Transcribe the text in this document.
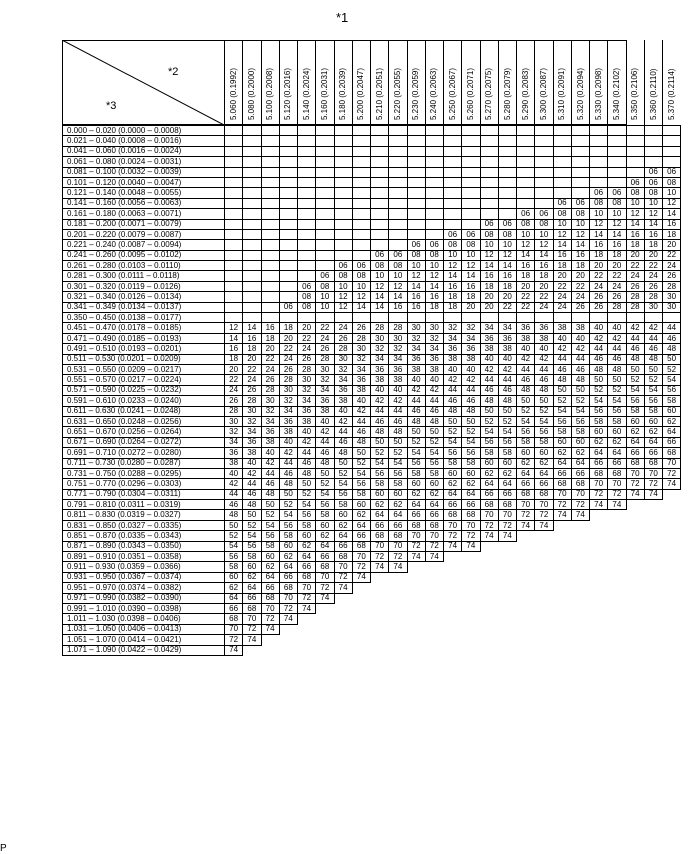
*1
*2
*3	5.060 (0.1992) 5.080 (0.2000) 5.100 (0.2008) 5.120 (0.2016) 5.140 (0.2024) 5.160 (0.2031) 5.180 (0.2039) 5.200 (0.2047) 5.210 (0.2051) 5.220 (0.2055) 5.230 (0.2059) 5.240 (0.2063) 5.250 (0.2067) 5.260 (0.2071) 5.270 (0.2075) 5.280 (0.2079) 5.290 (0.2083) 5.300 (0.2087) 5.310 (0.2091) 5.320 (0.2094) 5.330 (0.2098) 5.340 (0.2102) 5.350 (0.2106) 5.360 (0.2110) 5.370 (0.2114)
0.000 – 0.020 (0.0000 – 0.0008)																									
0.021 – 0.040 (0.0008 – 0.0016)																									
0.041 – 0.060 (0.0016 – 0.0024)																									
0.061 – 0.080 (0.0024 – 0.0031)																									
0.081 – 0.100 (0.0032 – 0.0039)																								06	06
0.101 – 0.120 (0.0040 – 0.0047)																							06	06	08
0.121 – 0.140 (0.0048 – 0.0055)																					06	06	08	08	10
0.141 – 0.160 (0.0056 – 0.0063)																			06	06	08	08	10	10	12
0.161 – 0.180 (0.0063 – 0.0071)																	06	06	08	08	10	10	12	12	14
0.181 – 0.200 (0.0071 – 0.0079)															06	06	08	08	10	10	12	12	14	14	16
0.201 – 0.220 (0.0079 – 0.0087)													06	06	08	08	10	10	12	12	14	14	16	16	18
0.221 – 0.240 (0.0087 – 0.0094)											06	06	08	08	10	10	12	12	14	14	16	16	18	18	20
0.241 – 0.260 (0.0095 – 0.0102)									06	06	08	08	10	10	12	12	14	14	16	16	18	18	20	20	22
0.261 – 0.280 (0.0103 – 0.0110)							06	06	08	08	10	10	12	12	14	14	16	16	18	18	20	20	22	22	24
0.281 – 0.300 (0.0111 – 0.0118)						06	08	08	10	10	12	12	14	14	16	16	18	18	20	20	22	22	24	24	26
0.301 – 0.320 (0.0119 – 0.0126)					06	08	10	10	12	12	14	14	16	16	18	18	20	20	22	22	24	24	26	26	28
0.321 – 0.340 (0.0126 – 0.0134)					08	10	12	12	14	14	16	16	18	18	20	20	22	22	24	24	26	26	28	28	30
0.341 – 0.349 (0.0134 – 0.0137)				06	08	10	12	14	14	16	16	18	18	20	20	22	22	24	24	26	26	28	28	30	30
0.350 – 0.450 (0.0138 – 0.0177)																									
0.451 – 0.470 (0.0178 – 0.0185)	12	14	16	18	20	22	24	26	28	28	30	30	32	32	34	34	36	36	38	38	40	40	42	42	44
0.471 – 0.490 (0.0185 – 0.0193)	14	16	18	20	22	24	26	28	30	30	32	32	34	34	36	36	38	38	40	40	42	42	44	44	46
0.491 – 0.510 (0.0193 – 0.0201)	16	18	20	22	24	26	28	30	32	32	34	34	36	36	38	38	40	40	42	42	44	44	46	46	48
0.511 – 0.530 (0.0201 – 0.0209)	18	20	22	24	26	28	30	32	34	34	36	36	38	38	40	40	42	42	44	44	46	46	48	48	50
0.531 – 0.550 (0.0209 – 0.0217)	20	22	24	26	28	30	32	34	36	36	38	38	40	40	42	42	44	44	46	46	48	48	50	50	52
0.551 – 0.570 (0.0217 – 0.0224)	22	24	26	28	30	32	34	36	38	38	40	40	42	42	44	44	46	46	48	48	50	50	52	52	54
0.571 – 0.590 (0.0225 – 0.0232)	24	26	28	30	32	34	36	38	40	40	42	42	44	44	46	46	48	48	50	50	52	52	54	54	56
0.591 – 0.610 (0.0233 – 0.0240)	26	28	30	32	34	36	38	40	42	42	44	44	46	46	48	48	50	50	52	52	54	54	56	56	58
0.611 – 0.630 (0.0241 – 0.0248)	28	30	32	34	36	38	40	42	44	44	46	46	48	48	50	50	52	52	54	54	56	56	58	58	60
0.631 – 0.650 (0.0248 – 0.0256)	30	32	34	36	38	40	42	44	46	46	48	48	50	50	52	52	54	54	56	56	58	58	60	60	62
0.651 – 0.670 (0.0256 – 0.0264)	32	34	36	38	40	42	44	46	48	48	50	50	52	52	54	54	56	56	58	58	60	60	62	62	64
0.671 – 0.690 (0.0264 – 0.0272)	34	36	38	40	42	44	46	48	50	50	52	52	54	54	56	56	58	58	60	60	62	62	64	64	66
0.691 – 0.710 (0.0272 – 0.0280)	36	38	40	42	44	46	48	50	52	52	54	54	56	56	58	58	60	60	62	62	64	64	66	66	68
0.711 – 0.730 (0.0280 – 0.0287)	38	40	42	44	46	48	50	52	54	54	56	56	58	58	60	60	62	62	64	64	66	66	68	68	70
0.731 – 0.750 (0.0288 – 0.0295)	40	42	44	46	48	50	52	54	56	56	58	58	60	60	62	62	64	64	66	66	68	68	70	70	72
0.751 – 0.770 (0.0296 – 0.0303)	42	44	46	48	50	52	54	56	58	58	60	60	62	62	64	64	66	66	68	68	70	70	72	72	74
0.771 – 0.790 (0.0304 – 0.0311)	44	46	48	50	52	54	56	58	60	60	62	62	64	64	66	66	68	68	70	70	72	72	74	74	
0.791 – 0.810 (0.0311 – 0.0319)	46	48	50	52	54	56	58	60	62	62	64	64	66	66	68	68	70	70	72	72	74	74			
0.811 – 0.830 (0.0319 – 0.0327)	48	50	52	54	56	58	60	62	64	64	66	66	68	68	70	70	72	72	74	74					
0.831 – 0.850 (0.0327 – 0.0335)	50	52	54	56	58	60	62	64	66	66	68	68	70	70	72	72	74	74							
0.851 – 0.870 (0.0335 – 0.0343)	52	54	56	58	60	62	64	66	68	68	70	70	72	72	74	74									
0.871 – 0.890 (0.0343 – 0.0350)	54	56	58	60	62	64	66	68	70	70	72	72	74	74											
0.891 – 0.910 (0.0351 – 0.0358)	56	58	60	62	64	66	68	70	72	72	74	74													
0.911 – 0.930 (0.0359 – 0.0366)	58	60	62	64	66	68	70	72	74	74															
0.931 – 0.950 (0.0367 – 0.0374)	60	62	64	66	68	70	72	74																	
0.951 – 0.970 (0.0374 – 0.0382)	62	64	66	68	70	72	74																		
0.971 – 0.990 (0.0382 – 0.0390)	64	66	68	70	72	74																			
0.991 – 1.010 (0.0390 – 0.0398)	66	68	70	72	74																				
1.011 – 1.030 (0.0398 – 0.0406)	68	70	72	74																					
1.031 – 1.050 (0.0406 – 0.0413)	70	72	74																						
1.051 – 1.070 (0.0414 – 0.0421)	72	74																							
1.071 – 1.090 (0.0422 – 0.0429)	74																								
P
